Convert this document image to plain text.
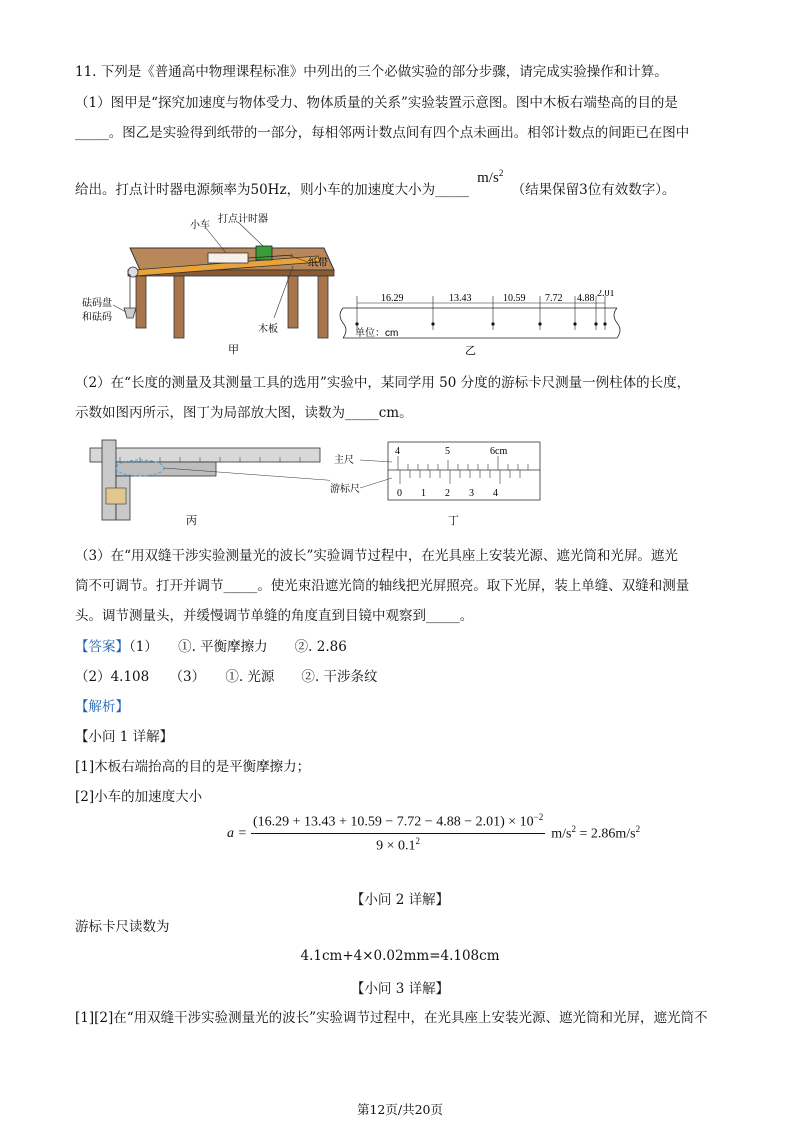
11. 下列是《普通高中物理课程标准》中列出的三个必做实验的部分步骤，请完成实验操作和计算。
（1）图甲是“探究加速度与物体受力、物体质量的关系”实验装置示意图。图中木板右端垫高的目的是
_____。图乙是实验得到纸带的一部分，每相邻两计数点间有四个点未画出。相邻计数点的间距已在图中
给出。打点计时器电源频率为50Hz，则小车的加速度大小为_____ $m/s^2$ （结果保留3位有效数字）。
小车
打点计时器
纸带
砝码盘
和砝码
木板
甲
16.29	13.43	10.59 7.72 4.88 2.01
单位：cm
乙
（2）在“长度的测量及其测量工具的选用”实验中，某同学用 50 分度的游标卡尺测量一例柱体的长度，
示数如图丙所示，图丁为局部放大图，读数为_____cm。
丙
4	5	6cm
0 1 2 3 4
主尺
游标尺
丁
（3）在“用双缝干涉实验测量光的波长”实验调节过程中，在光具座上安装光源、遮光筒和光屏。遮光
筒不可调节。打开并调节_____。使光束沿遮光筒的轴线把光屏照亮。取下光屏，装上单缝、双缝和测量
头。调节测量头，并缓慢调节单缝的角度直到目镜中观察到_____。
【答案】（1）　　①. 平衡摩擦力　　②. 2.86
（2）4.108　　（3）　　①. 光源　　②. 干涉条纹
【解析】
【小问 1 详解】
[1]木板右端抬高的目的是平衡摩擦力；
[2]小车的加速度大小
a =	$(16.29 + 13.43 + 10.59 - 7.72 - 4.88 - 2.01) \times 10^{-2}$	$m/s^2 = 2.86m/s^2$
$9 \times 0.1^2$
【小问 2 详解】
游标卡尺读数为
4.1cm+4×0.02mm=4.108cm
【小问 3 详解】
[1][2]在“用双缝干涉实验测量光的波长”实验调节过程中，在光具座上安装光源、遮光筒和光屏，遮光筒不
第12页/共20页
